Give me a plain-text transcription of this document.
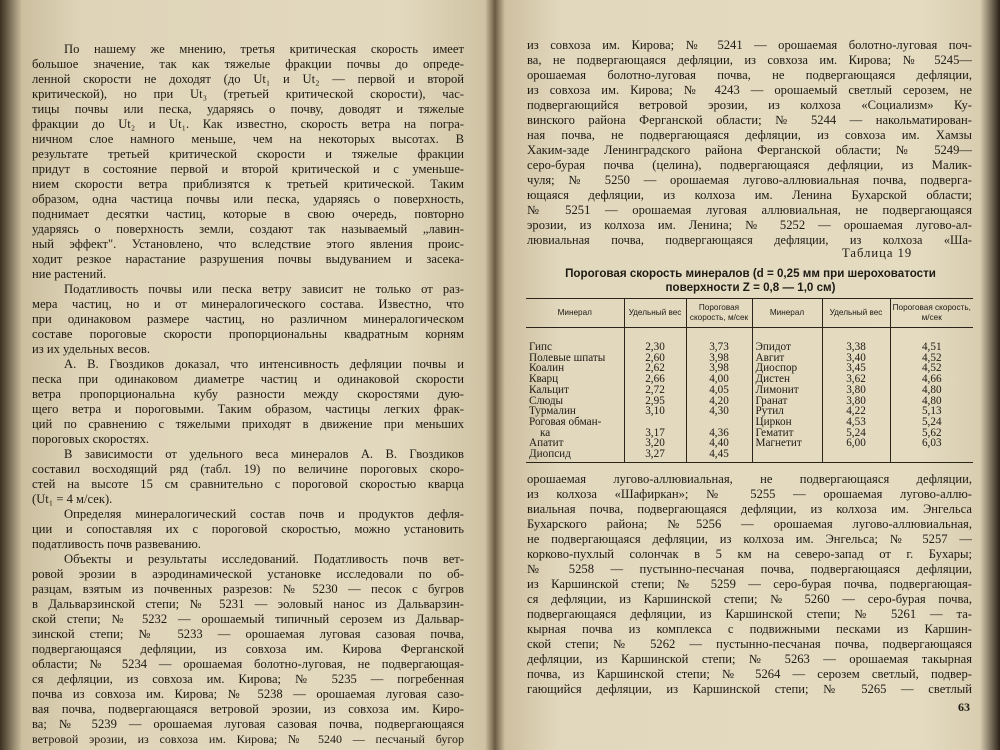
По нашему же мнению, третья критическая скорость имеет
большое значение, так как тяжелые фракции почвы до опреде-
ленной скорости не доходят (до Ut₁ и Ut₂ — первой и второй
критической), но при Ut₃ (третьей критической скорости), час-
тицы почвы или песка, ударяясь о почву, доводят и тяжелые
фракции до Ut₂ и Ut₁. Как известно, скорость ветра на погра-
ничном слое намного меньше, чем на некоторых высотах. В
результате третьей критической скорости и тяжелые фракции
придут в состояние первой и второй критической и с уменьше-
нием скорости ветра приблизятся к третьей критической. Таким
образом, одна частица почвы или песка, ударяясь о поверхность,
поднимает десятки частиц, которые в свою очередь, повторно
ударяясь о поверхность земли, создают так называемый „лавин-
ный эффект". Установлено, что вследствие этого явления проис-
ходит резкое нарастание разрушения почвы выдуванием и засека-
ние растений.
Податливость почвы или песка ветру зависит не только от раз-
мера частиц, но и от минералогического состава. Известно, что
при одинаковом размере частиц, но различном минералогическом
составе пороговые скорости пропорциональны квадратным корням
из их удельных весов.
А. В. Гвоздиков доказал, что интенсивность дефляции почвы и
песка при одинаковом диаметре частиц и одинаковой скорости
ветра пропорциональна кубу разности между скоростями дую-
щего ветра и пороговыми. Таким образом, частицы легких фрак-
ций по сравнению с тяжелыми приходят в движение при меньших
пороговых скоростях.
В зависимости от удельного веса минералов А. В. Гвоздиков
составил восходящий ряд (табл. 19) по величине пороговых скоро-
стей на высоте 15 см сравнительно с пороговой скоростью кварца
(Ut₁ = 4 м/сек).
Определяя минералогический состав почв и продуктов дефля-
ции и сопоставляя их с пороговой скоростью, можно установить
податливость почв развеванию.
Объекты и результаты исследований. Податливость почв вет-
ровой эрозии в аэродинамической установке исследовали по об-
разцам, взятым из почвенных разрезов: № 5230 — песок с бугров
в Дальварзинской степи; № 5231 — эоловый нанос из Дальварзин-
ской степи; № 5232 — орошаемый типичный серозем из Дальвар-
зинской степи; № 5233 — орошаемая луговая сазовая почва,
подвергающаяся дефляции, из совхоза им. Кирова Ферганской
области; № 5234 — орошаемая болотно-луговая, не подвергающая-
ся дефляции, из совхоза им. Кирова; № 5235 — погребенная
почва из совхоза им. Кирова; № 5238 — орошаемая луговая сазо-
вая почва, подвергающаяся ветровой эрозии, из совхоза им. Киро-
ва; № 5239 — орошаемая луговая сазовая почва, подвергающаяся
ветровой эрозии, из совхоза им. Кирова; № 5240 — песчаный бугор
из совхоза им. Кирова; № 5241 — орошаемая болотно-луговая поч-
ва, не подвергающаяся дефляции, из совхоза им. Кирова; № 5245—
орошаемая болотно-луговая почва, не подвергающаяся дефляции,
из совхоза им. Кирова; № 4243 — орошаемый светлый серозем, не
подвергающийся ветровой эрозии, из колхоза «Социализм» Ку-
винского района Ферганской области; № 5244 — накольматирован-
ная почва, не подвергающаяся дефляции, из совхоза им. Хамзы
Хаким-заде Ленинградского района Ферганской области; № 5249—
серо-бурая почва (целина), подвергающаяся дефляции, из Малик-
чуля; № 5250 — орошаемая лугово-аллювиальная почва, подверга-
ющаяся дефляции, из колхоза им. Ленина Бухарской области;
№ 5251 — орошаемая луговая аллювиальная, не подвергающаяся
эрозии, из колхоза им. Ленина; № 5252 — орошаемая лугово-ал-
лювиальная почва, подвергающаяся дефляции, из колхоза «Ша-
Таблица 19
Пороговая скорость минералов (d = 0,25 мм при шероховатости
поверхности Z = 0,8 — 1,0 см)
Минерал	Удельный вес	Пороговая скорость, м/сек	Минерал	Удельный вес	Пороговая скорость, м/сек
Гипс	2,30	3,73	Эпидот	3,38	4,51
Полевые шпаты	2,60	3,98	Авгит	3,40	4,52
Коалин	2,62	3,98	Диоспор	3,45	4,52
Кварц	2,66	4,00	Дистен	3,62	4,66
Кальцит	2,72	4,05	Лимонит	3,80	4,80
Слюды	2,95	4,20	Гранат	3,80	4,80
Турмалин	3,10	4,30	Рутил	4,22	5,13
Роговая обман-			Циркон	4,53	5,24
ка	3,17	4,36	Гематит	5,24	5,62
Апатит	3,20	4,40	Магнетит	6,00	6,03
Диопсид	3,27	4,45			
орошаемая лугово-аллювиальная, не подвергающаяся дефляции,
из колхоза «Шафиркан»; № 5255 — орошаемая лугово-аллю-
виальная почва, подвергающаяся дефляции, из колхоза им. Энгельса
Бухарского района; №5256 — орошаемая лугово-аллювиальная,
не подвергающаяся дефляции, из колхоза им. Энгельса; № 5257 —
корково-пухлый солончак в 5 км на северо-запад от г. Бухары;
№ 5258 — пустынно-песчаная почва, подвергающаяся дефляции,
из Каршинской степи; № 5259 — серо-бурая почва, подвергающая-
ся дефляции, из Каршинской степи; № 5260 — серо-бурая почва,
подвергающаяся дефляции, из Каршинской степи; № 5261 — та-
кырная почва из комплекса с подвижными песками из Каршин-
ской степи; № 5262 — пустынно-песчаная почва, подвергающаяся
дефляции, из Каршинской степи; № 5263 — орошаемая такырная
почва, из Каршинской степи; № 5264 — серозем светлый, подвер-
гающийся дефляции, из Каршинской степи; № 5265 — светлый
63
